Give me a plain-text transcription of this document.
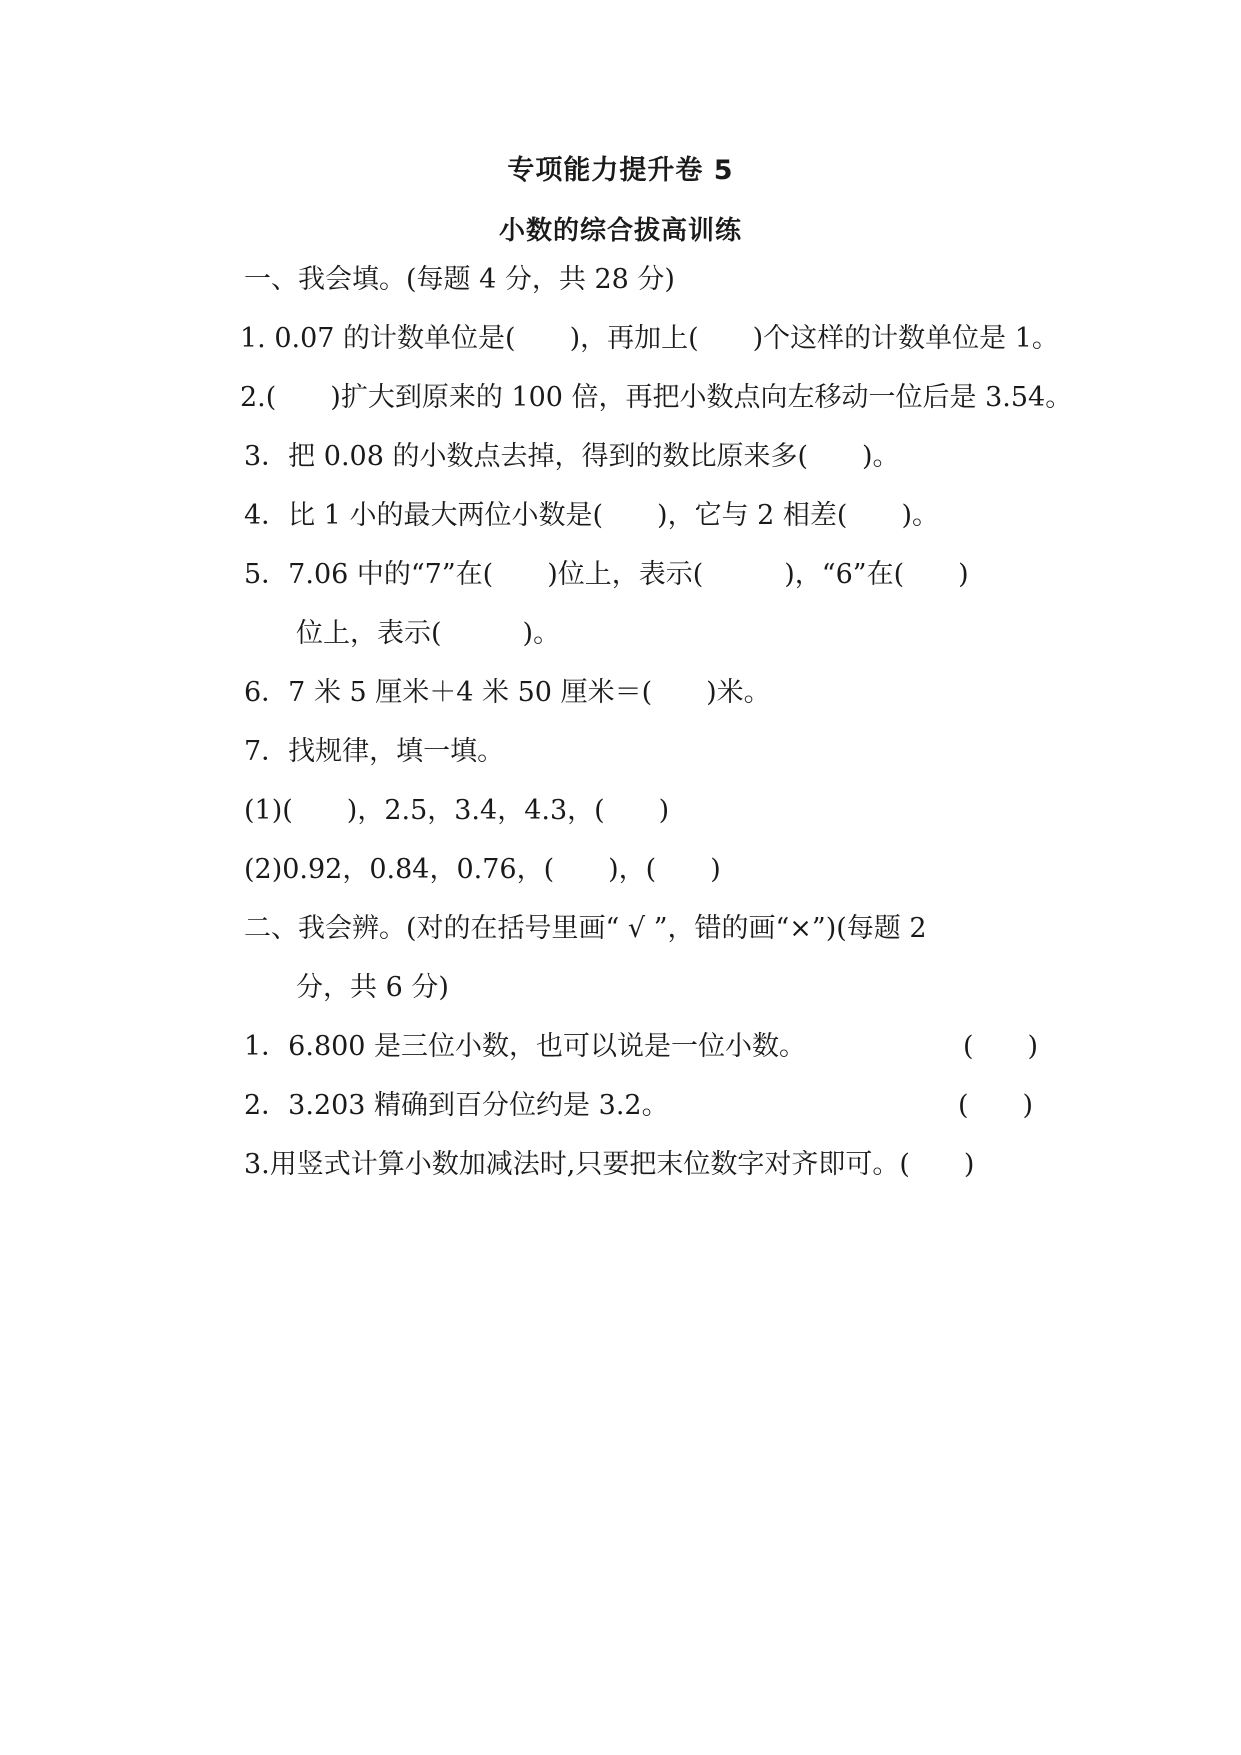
专项能力提升卷 5
小数的综合拔高训练
一、我会填。(每题 4 分，共 28 分)
1. 0.07 的计数单位是(　　)，再加上(　　)个这样的计数单位是 1。
2.(　　)扩大到原来的 100 倍，再把小数点向左移动一位后是 3.54。
3．把 0.08 的小数点去掉，得到的数比原来多(　　)。
4．比 1 小的最大两位小数是(　　)，它与 2 相差(　　)。
5．7.06 中的“7”在(　　)位上，表示(　　　)，“6”在(　　)
位上，表示(　　　)。
6．7 米 5 厘米＋4 米 50 厘米＝(　　)米。
7．找规律，填一填。
(1)(　　)，2.5，3.4，4.3，(　　)
(2)0.92，0.84，0.76，(　　)，(　　)
二、我会辨。(对的在括号里画“ √ ”，错的画“×”)(每题 2
分，共 6 分)
1．6.800 是三位小数，也可以说是一位小数。	(　　)
2．3.203 精确到百分位约是 3.2。	(　　)
3.用竖式计算小数加减法时,只要把末位数字对齐即可。(　　)
